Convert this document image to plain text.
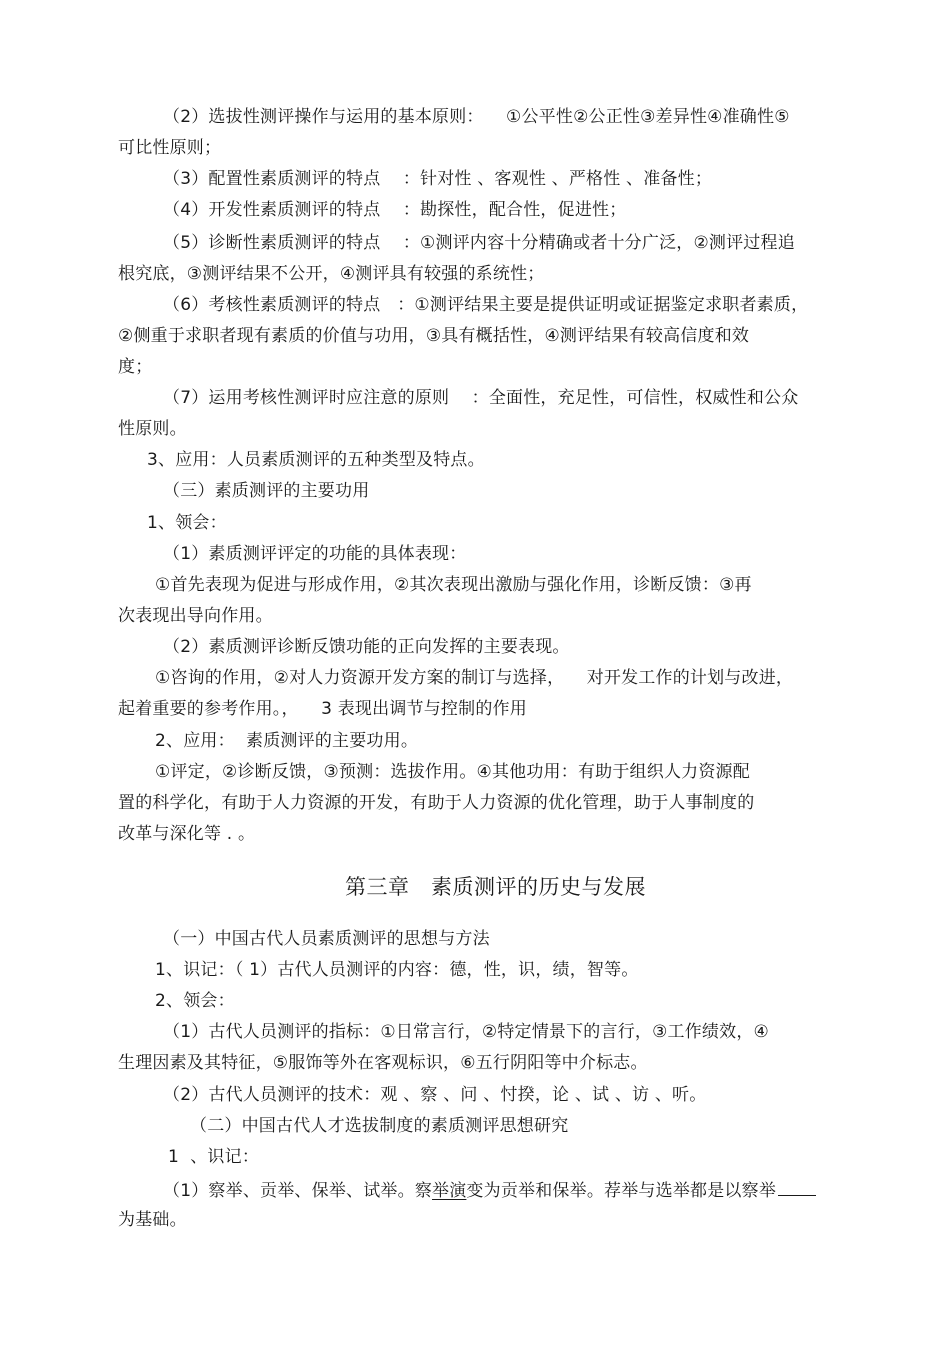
（2）选拔性测评操作与运用的基本原则：    ①公平性②公正性③差异性④准确性⑤
可比性原则；
（3）配置性素质测评的特点    ：针对性 、客观性 、严格性 、准备性；
（4）开发性素质测评的特点    ：勘探性，配合性，促进性；
（5）诊断性素质测评的特点    ：①测评内容十分精确或者十分广泛，②测评过程追
根究底，③测评结果不公开，④测评具有较强的系统性；
（6）考核性素质测评的特点   ：①测评结果主要是提供证明或证据鉴定求职者素质，
②侧重于求职者现有素质的价值与功用，③具有概括性，④测评结果有较高信度和效
度；
（7）运用考核性测评时应注意的原则    ：全面性，充足性，可信性，权威性和公众
性原则。
3、应用：人员素质测评的五种类型及特点。
（三）素质测评的主要功用
1、领会：
（1）素质测评评定的功能的具体表现：
①首先表现为促进与形成作用，②其次表现出激励与强化作用，诊断反馈：③再
次表现出导向作用。
（2）素质测评诊断反馈功能的正向发挥的主要表现。
①咨询的作用，②对人力资源开发方案的制订与选择，    对开发工作的计划与改进，
起着重要的参考作用。，    3 表现出调节与控制的作用
2、应用：  素质测评的主要功用。
①评定，②诊断反馈，③预测：选拔作用。④其他功用：有助于组织人力资源配
置的科学化，有助于人力资源的开发，有助于人力资源的优化管理，助于人事制度的
改革与深化等 . 。
第三章   素质测评的历史与发展
（一）中国古代人员素质测评的思想与方法
1、识记：（ 1）古代人员测评的内容：德，性，识，绩，智等。
2、领会：
（1）古代人员测评的指标：①日常言行，②特定情景下的言行，③工作绩效，④
生理因素及其特征，⑤服饰等外在客观标识，⑥五行阴阳等中介标志。
（2）古代人员测评的技术：观 、察 、问 、忖揆，论 、试 、访 、听。
（二）中国古代人才选拔制度的素质测评思想研究
1  、识记：
（1）察举、贡举、保举、试举。察举演变为贡举和保举。荐举与选举都是以察举
为基础。
